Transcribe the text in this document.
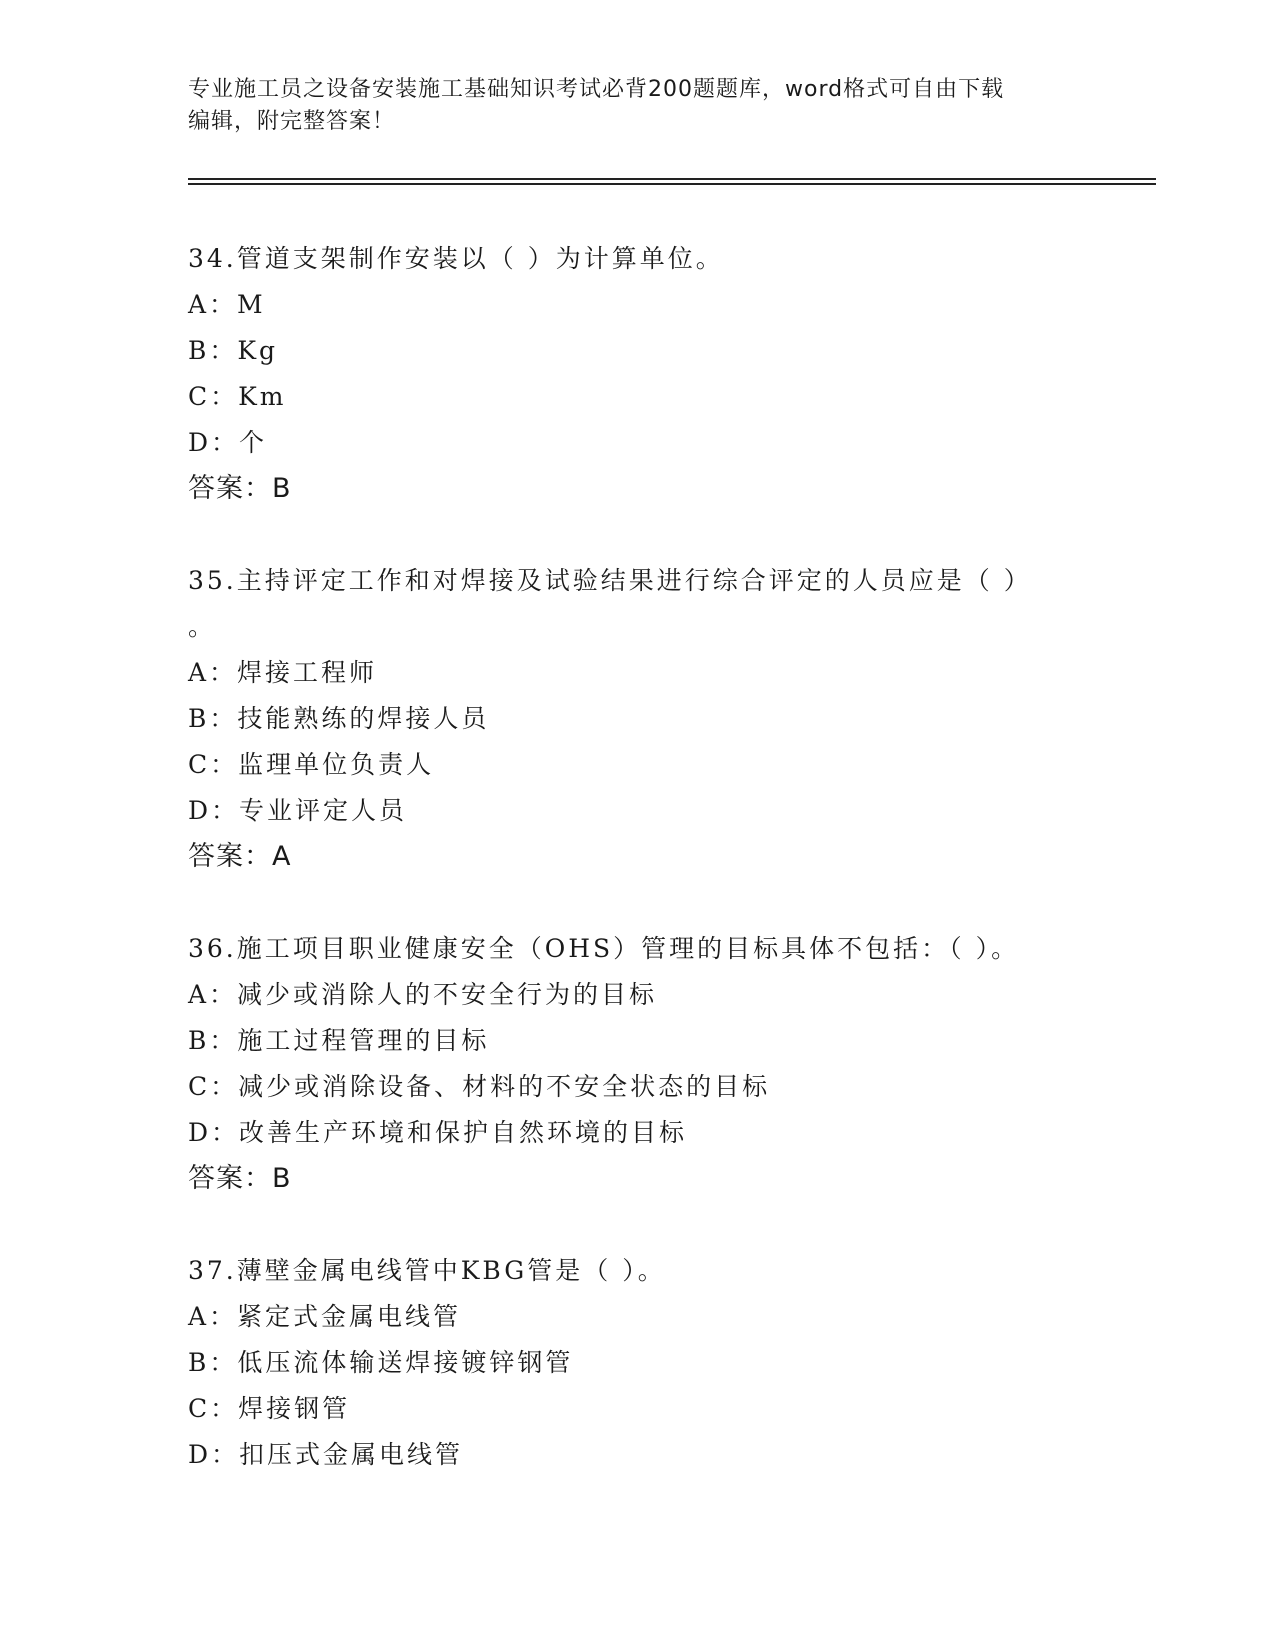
专业施工员之设备安装施工基础知识考试必背200题题库，word格式可自由下载
编辑，附完整答案！
34.管道支架制作安装以（ ）为计算单位。
A：M
B：Kg
C：Km
D：个
答案：B
35.主持评定工作和对焊接及试验结果进行综合评定的人员应是（ ）
。
A：焊接工程师
B：技能熟练的焊接人员
C：监理单位负责人
D：专业评定人员
答案：A
36.施工项目职业健康安全（OHS）管理的目标具体不包括：（ ）。
A：减少或消除人的不安全行为的目标
B：施工过程管理的目标
C：减少或消除设备、材料的不安全状态的目标
D：改善生产环境和保护自然环境的目标
答案：B
37.薄壁金属电线管中KBG管是（ ）。
A：紧定式金属电线管
B：低压流体输送焊接镀锌钢管
C：焊接钢管
D：扣压式金属电线管
